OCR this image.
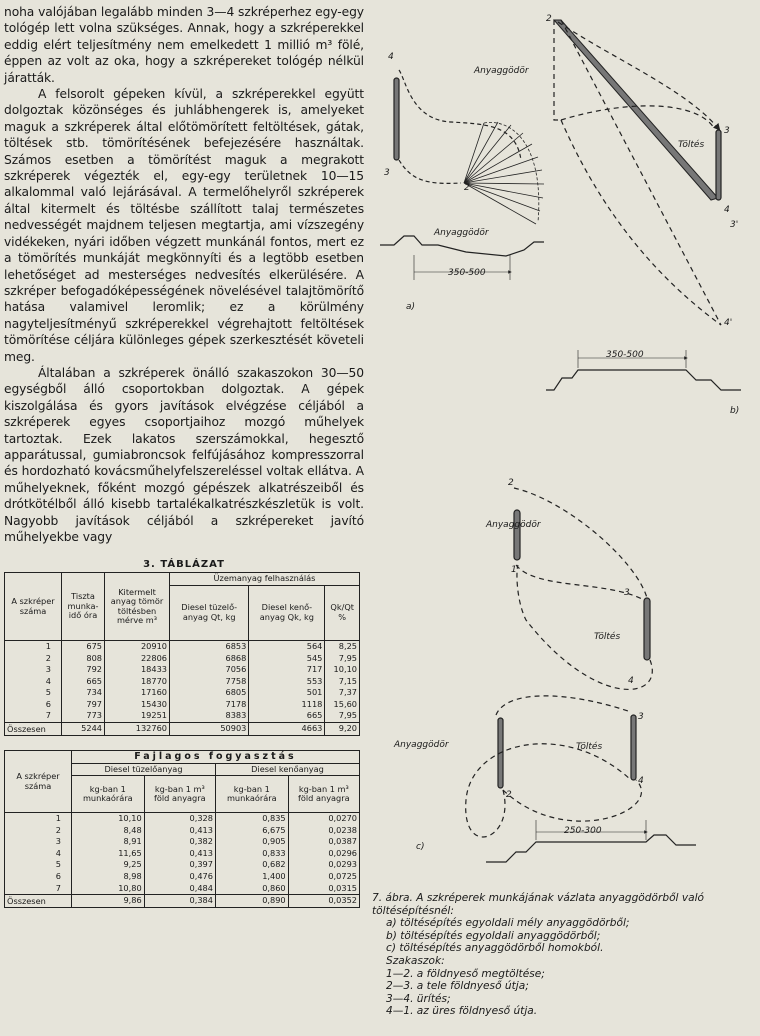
noha valójában legalább minden 3—4 szkréperhez egy-egy tológép lett volna szükséges. Annak, hogy a szkréperekkel eddig elért teljesítmény nem emelkedett 1 millió m³ fölé, éppen az volt az oka, hogy a szkrépereket tológép nélkül járatták.

A felsorolt gépeken kívül, a szkréperekkel együtt dolgoztak közönséges és juhlábhengerek is, amelyeket maguk a szkréperek által előtömörített feltöltések, gátak, töltések stb. tömörítésének befejezésére használtak. Számos esetben a tömörítést maguk a megrakott szkréperek végezték el, egy-egy területnek 10—15 alkalommal való lejárásával. A termelőhelyről szkréperek által kitermelt és töltésbe szállított talaj természetes nedvességét majdnem teljesen megtartja, ami vízszegény vidékeken, nyári időben végzett munkánál fontos, mert ez a tömörítés munkáját megkönnyíti és a legtöbb esetben lehetőséget ad mesterséges nedvesítés elkerülésére. A szkréper befogadóképességének növelésével talajtömörítő hatása valamivel leromlik; ez a körülmény nagyteljesítményű szkréperekkel végrehajtott feltöltések tömörítése céljára különleges gépek szerkesztését követeli meg.

Általában a szkréperek önálló szakaszokon 30—50 egységből álló csoportokban dolgoztak. A gépek kiszolgálása és gyors javítások elvégzése céljából a szkréperek egyes csoportjaihoz mozgó műhelyek tartoztak. Ezek lakatos szerszámokkal, hegesztő apparátussal, gumiabroncsok felfújásához kompresszorral és hordozható kovácsműhelyfelszereléssel voltak ellátva. A műhelyeknek, főként mozgó gépészek alkatrészeiből és drótkötélből álló kisebb tartalékalkatrészkészletük is volt. Nagyobb javítások céljából a szkrépereket javító műhelyekbe vagy

3. TÁBLÁZAT
A szkréper száma	Tiszta munka-idő óra	Kitermelt anyag tömör töltésben mérve m³	Üzemanyag felhasználás		
			Diesel tüzelő-anyag Qt, kg	Diesel kenő-anyag Qk, kg	Qk/Qt %
1	675	20910	6853	564	8,25
2	808	22806	6868	545	7,95
3	792	18433	7056	717	10,10
4	665	18770	7758	553	7,15
5	734	17160	6805	501	7,37
6	797	15430	7178	1118	15,60
7	773	19251	8383	665	7,95
Összesen	5244	132760	50903	4663	9,20
A szkréper száma	Fajlagos fogyasztás			
	Diesel tüzelőanyag		Diesel kenőanyag	
	kg-ban 1 munkaórára	kg-ban 1 m³ föld anyagra	kg-ban 1 munkaórára	kg-ban 1 m³ föld anyagra
1	10,10	0,328	0,835	0,0270
2	8,48	0,413	6,675	0,0238
3	8,91	0,382	0,905	0,0387
4	11,65	0,413	0,833	0,0296
5	9,25	0,397	0,682	0,0293
6	8,98	0,476	1,400	0,0725
7	10,80	0,484	0,860	0,0315
Összesen	9,86	0,384	0,890	0,0352
4
3
2
Anyaggödör
Anyaggödör
350-500
a)
2
3
4
3'
4'
Töltés
350-500
b)
2
1
3
4
Anyaggödör
Töltés
Anyaggödör	Töltés
3
4
2
250-300
c)

7. ábra. A szkréperek munkájának vázlata anyaggödörből való töltésépítésnél:

a) töltésépítés egyoldali mély anyaggödörből;

b) töltésépítés egyoldali anyaggödörből;

c) töltésépítés anyaggödörből homokból.

Szakaszok:

1—2. a földnyeső megtöltése;

2—3. a tele földnyeső útja;

3—4. ürítés;

4—1. az üres földnyeső útja.
